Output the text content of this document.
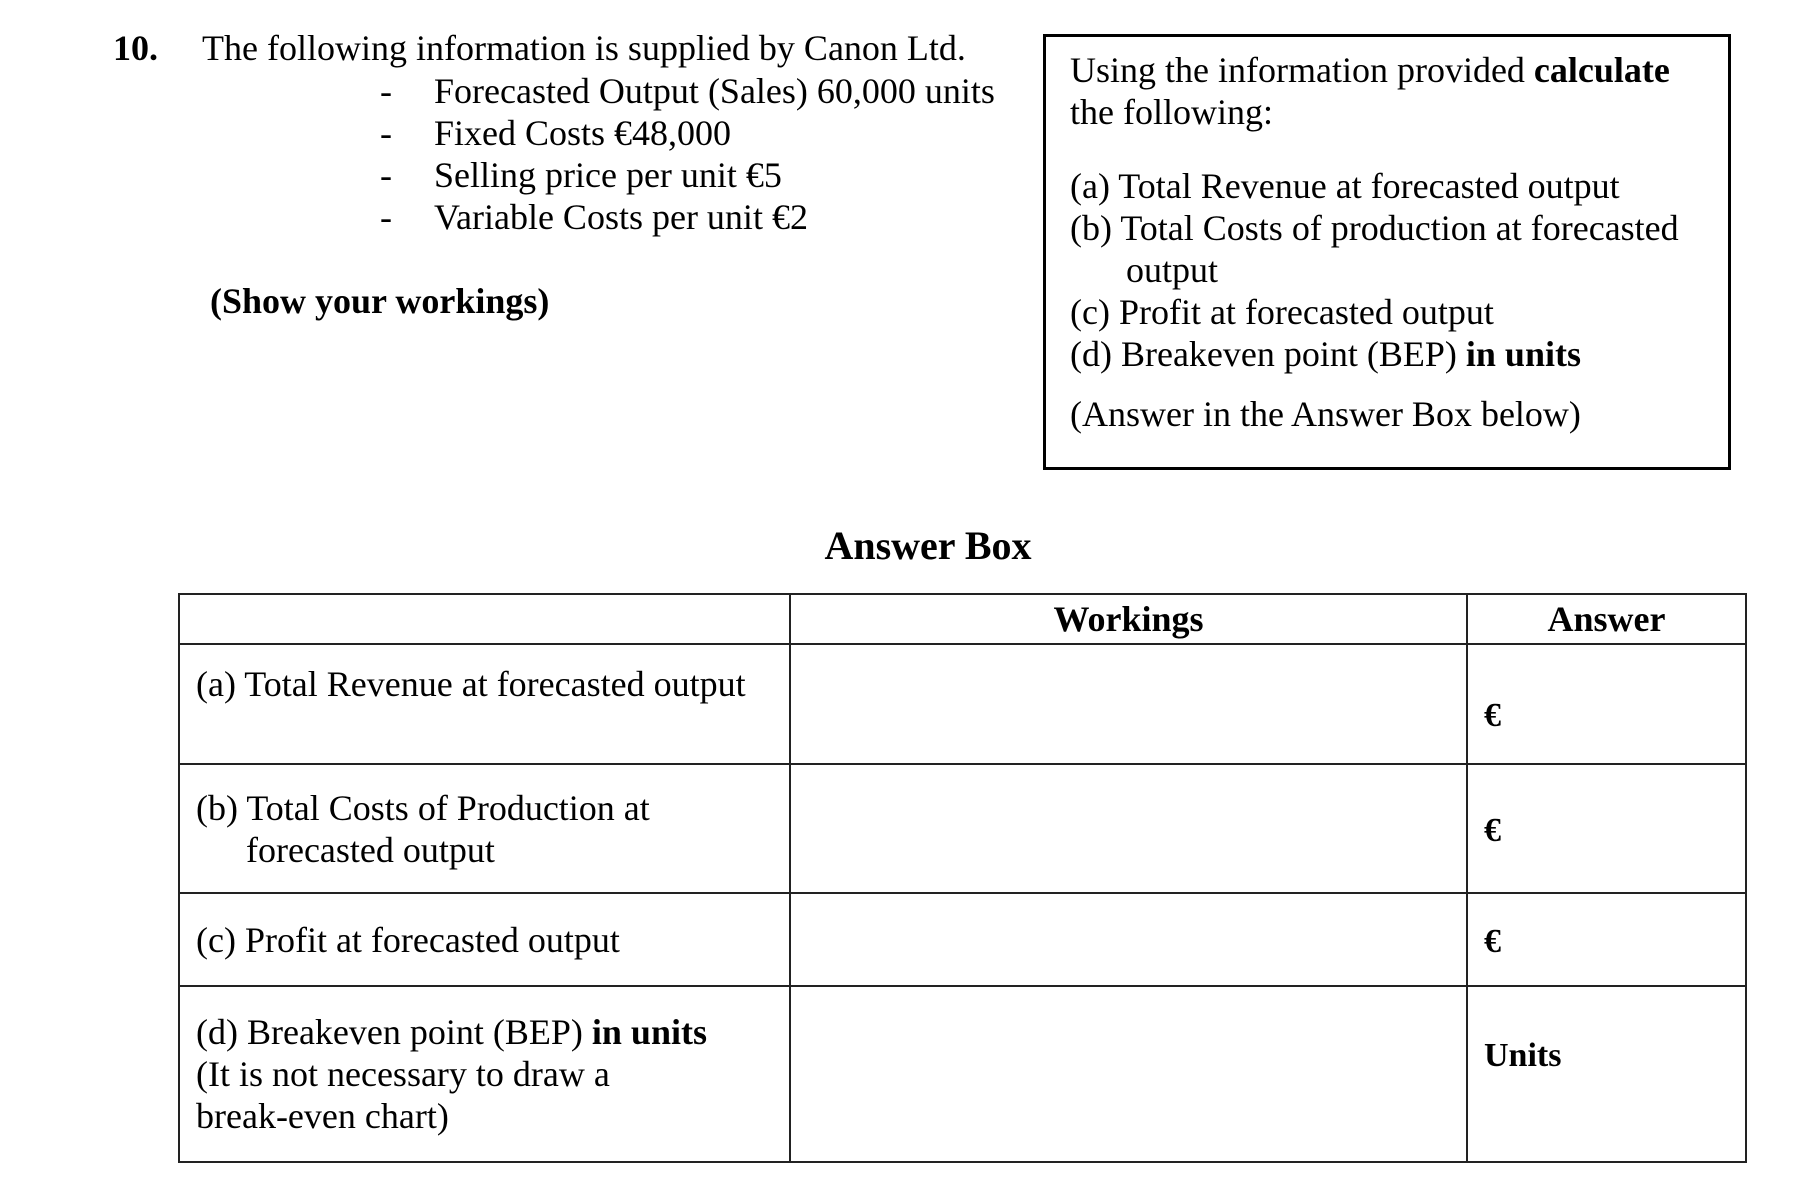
10. The following information is supplied by Canon Ltd.
-	Forecasted Output (Sales) 60,000 units
-	Fixed Costs €48,000
-	Selling price per unit €5
-	Variable Costs per unit €2
(Show your workings)
Using the information provided calculate
the following:
(a) Total Revenue at forecasted output
(b) Total Costs of production at forecasted
output
(c) Profit at forecasted output
(d) Breakeven point (BEP) in units
(Answer in the Answer Box below)
Answer Box
	Workings	Answer

(a) Total Revenue at forecasted output		€

(b) Total Costs of Production at
forecasted output		€

(c) Profit at forecasted output		€

(d) Breakeven point (BEP) in units
(It is not necessary to draw a
break-even chart)		Units
